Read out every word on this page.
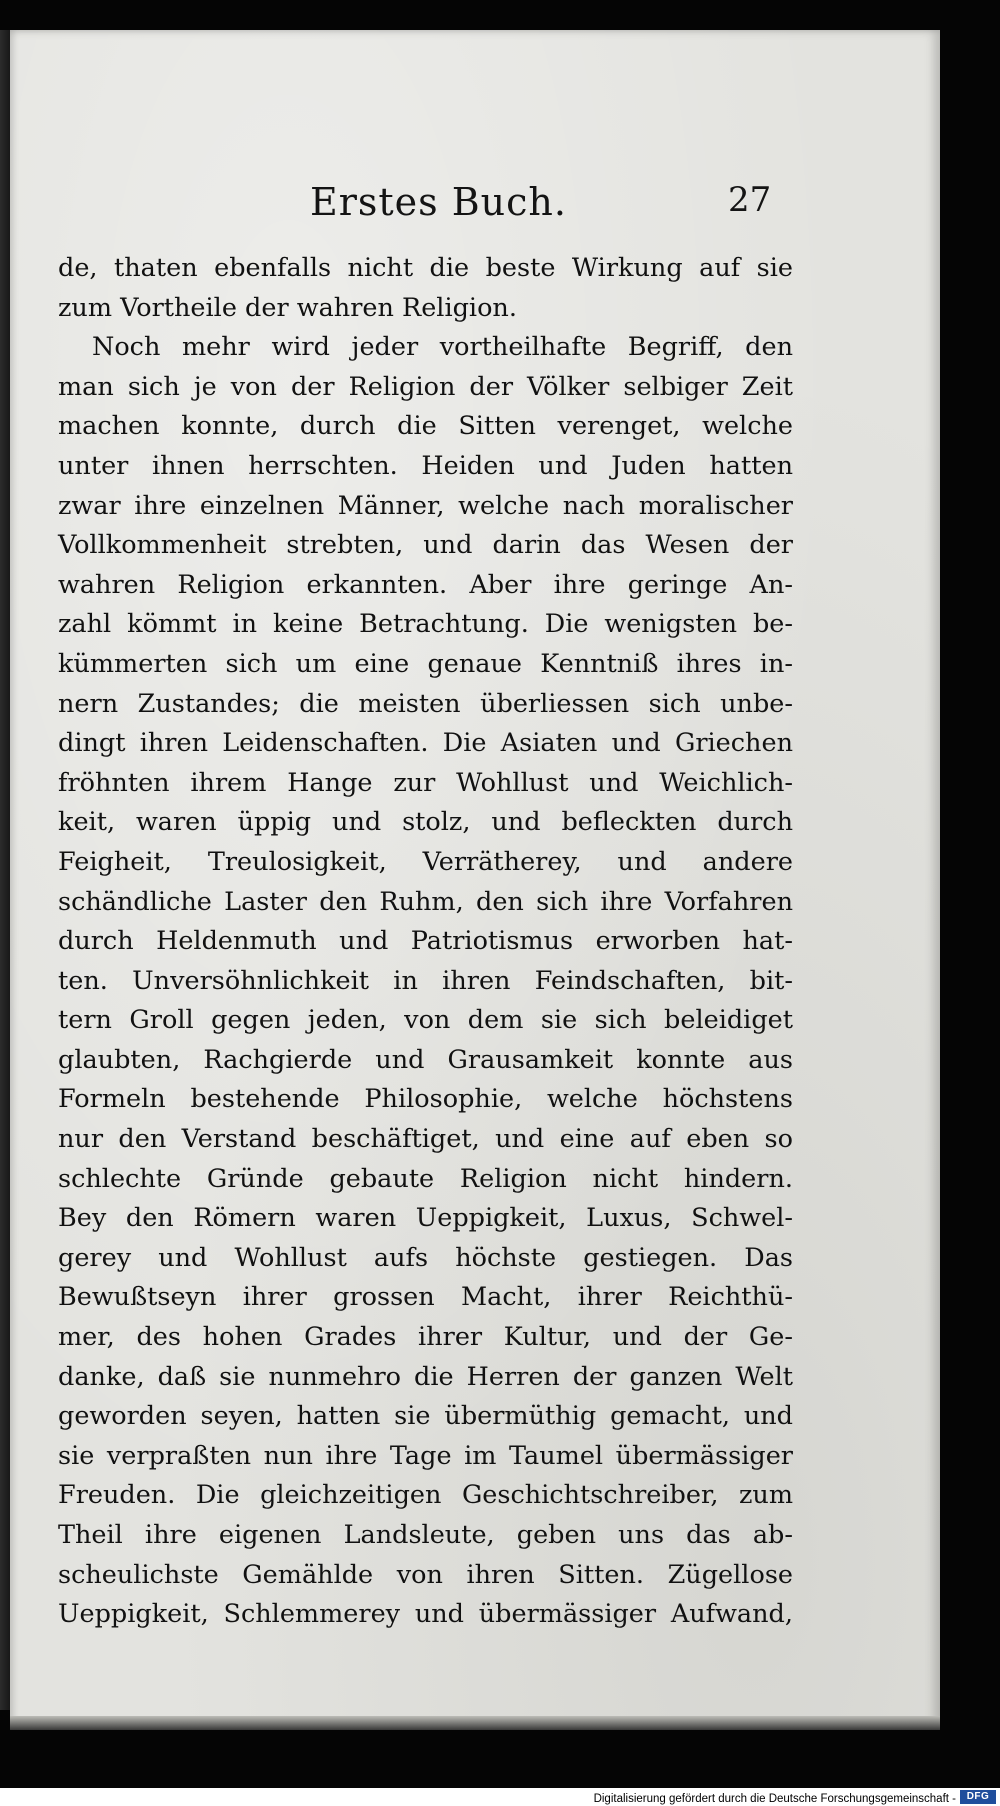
Erstes Buch.	27
de, thaten ebenfalls nicht die beste Wirkung auf sie
zum Vortheile der wahren Religion.
Noch mehr wird jeder vortheilhafte Begriff, den
man sich je von der Religion der Völker selbiger Zeit
machen konnte, durch die Sitten verenget, welche
unter ihnen herrschten. Heiden und Juden hatten
zwar ihre einzelnen Männer, welche nach moralischer
Vollkommenheit strebten, und darin das Wesen der
wahren Religion erkannten. Aber ihre geringe An-
zahl kömmt in keine Betrachtung. Die wenigsten be-
kümmerten sich um eine genaue Kenntniß ihres in-
nern Zustandes; die meisten überliessen sich unbe-
dingt ihren Leidenschaften. Die Asiaten und Griechen
fröhnten ihrem Hange zur Wohllust und Weichlich-
keit, waren üppig und stolz, und befleckten durch
Feigheit, Treulosigkeit, Verrätherey, und andere
schändliche Laster den Ruhm, den sich ihre Vorfahren
durch Heldenmuth und Patriotismus erworben hat-
ten. Unversöhnlichkeit in ihren Feindschaften, bit-
tern Groll gegen jeden, von dem sie sich beleidiget
glaubten, Rachgierde und Grausamkeit konnte aus
Formeln bestehende Philosophie, welche höchstens
nur den Verstand beschäftiget, und eine auf eben so
schlechte Gründe gebaute Religion nicht hindern.
Bey den Römern waren Ueppigkeit, Luxus, Schwel-
gerey und Wohllust aufs höchste gestiegen. Das
Bewußtseyn ihrer grossen Macht, ihrer Reichthü-
mer, des hohen Grades ihrer Kultur, und der Ge-
danke, daß sie nunmehro die Herren der ganzen Welt
geworden seyen, hatten sie übermüthig gemacht, und
sie verpraßten nun ihre Tage im Taumel übermässiger
Freuden. Die gleichzeitigen Geschichtschreiber, zum
Theil ihre eigenen Landsleute, geben uns das ab-
scheulichste Gemählde von ihren Sitten. Zügellose
Ueppigkeit, Schlemmerey und übermässiger Aufwand,
Digitalisierung gefördert durch die Deutsche Forschungsgemeinschaft -	DFG
